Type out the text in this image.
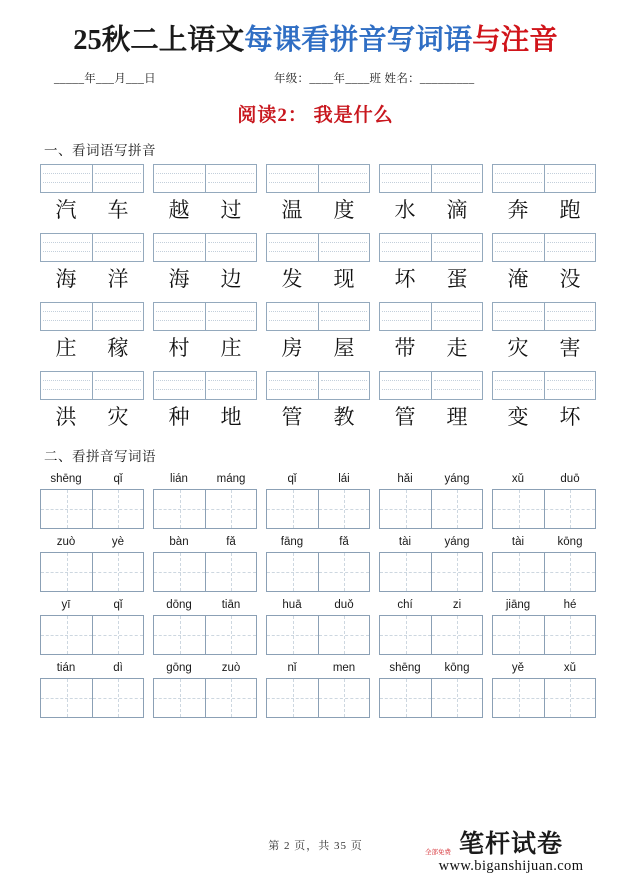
25秋二上语文每课看拼音写词语与注音
_____年___月___日	年级：____年____班 姓名：_________
阅读2： 我是什么
一、看词语写拼音
汽	车	越	过	温	度	水	滴	奔	跑
海	洋	海	边	发	现	坏	蛋	淹	没
庄	稼	村	庄	房	屋	带	走	灾	害
洪	灾	种	地	管	教	管	理	变	坏
二、看拼音写词语
shēng	qǐ	lián	máng	qǐ	lái	hǎi	yáng	xǔ	duō
zuò	yè	bàn	fǎ	fāng	fǎ	tài	yáng	tài	kōng
yī	qǐ	dōng	tiān	huā	duǒ	chí	zi	jiāng	hé
tián	dì	gōng	zuò	nǐ	men	shēng	kōng	yě	xǔ
第 2 页，共 35 页	全部免费 笔杆试卷
www.biganshijuan.com
